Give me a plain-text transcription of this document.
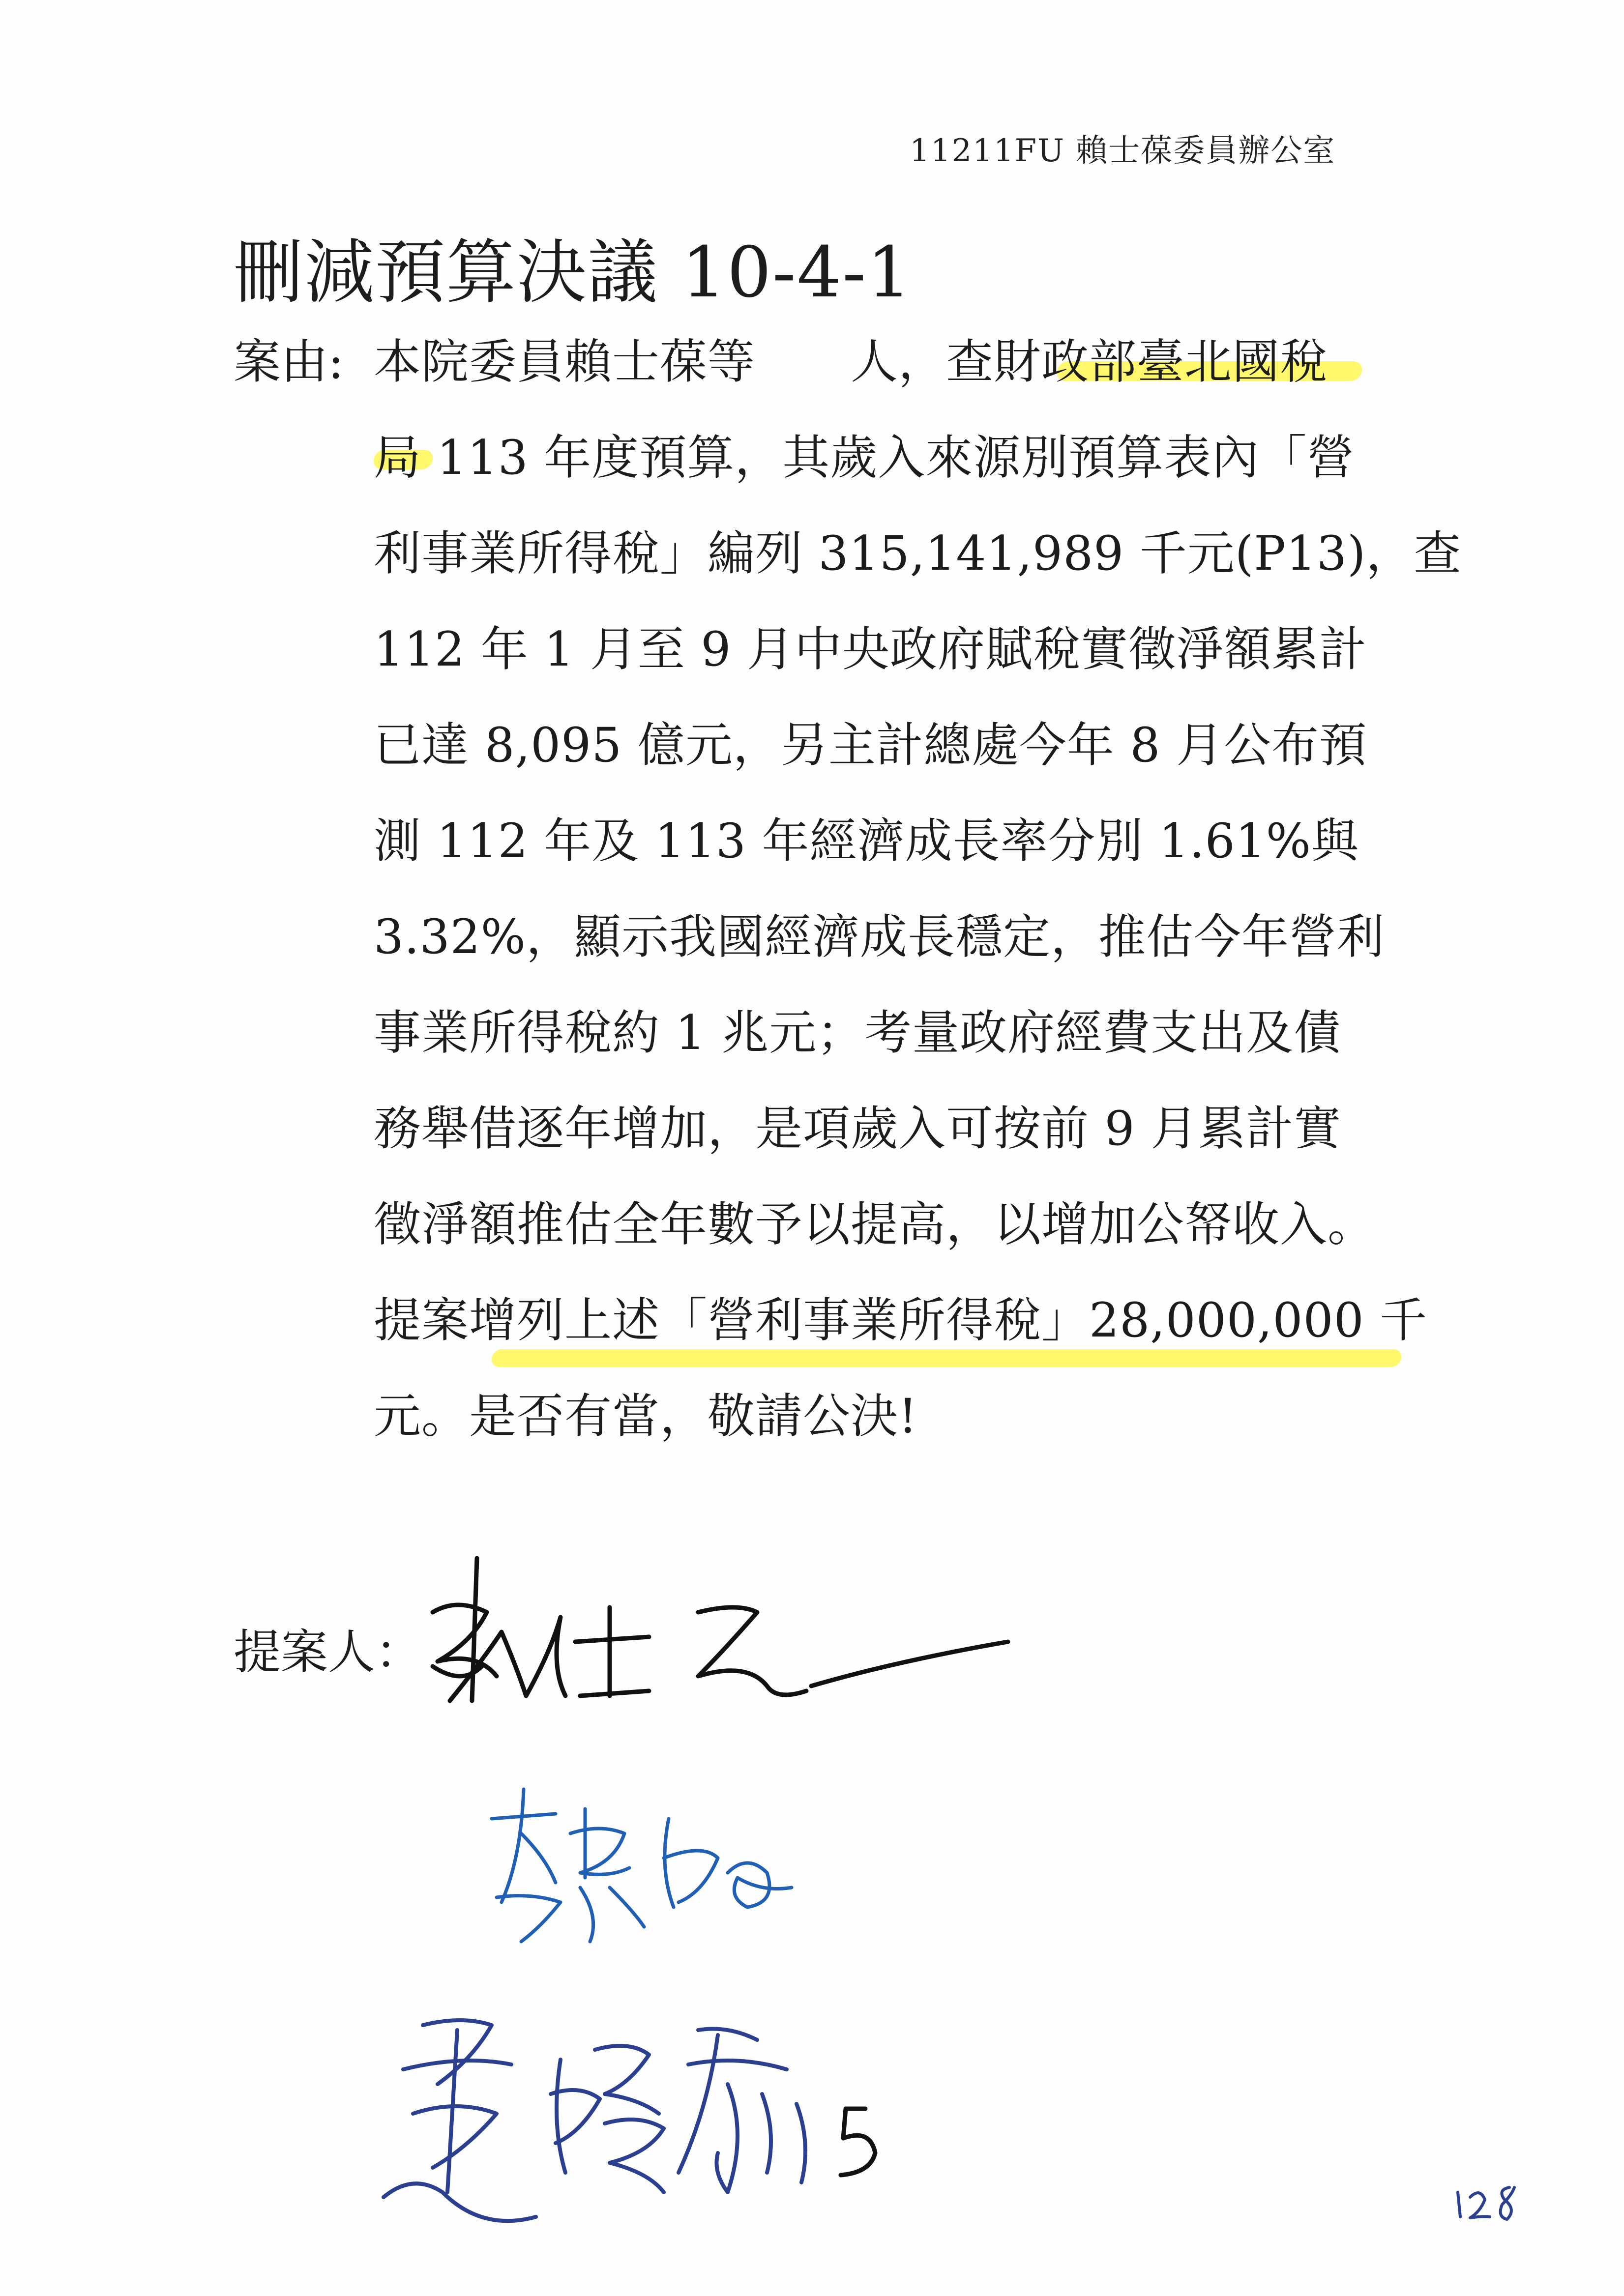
11211FU 賴士葆委員辦公室
刪減預算決議 10-4-1
案由: 本院委員賴士葆等　　人，查財政部臺北國稅
局 113 年度預算，其歲入來源別預算表內「營
利事業所得稅」編列 315,141,989 千元(P13)，查
112 年 1 月至 9 月中央政府賦稅實徵淨額累計
已達 8,095 億元，另主計總處今年 8 月公布預
測 112 年及 113 年經濟成長率分別 1.61%與
3.32%，顯示我國經濟成長穩定，推估今年營利
事業所得稅約 1 兆元；考量政府經費支出及債
務舉借逐年增加，是項歲入可按前 9 月累計實
徵淨額推估全年數予以提高，以增加公帑收入。
提案增列上述「營利事業所得稅」28,000,000 千
元。是否有當，敬請公決!
提案人：
